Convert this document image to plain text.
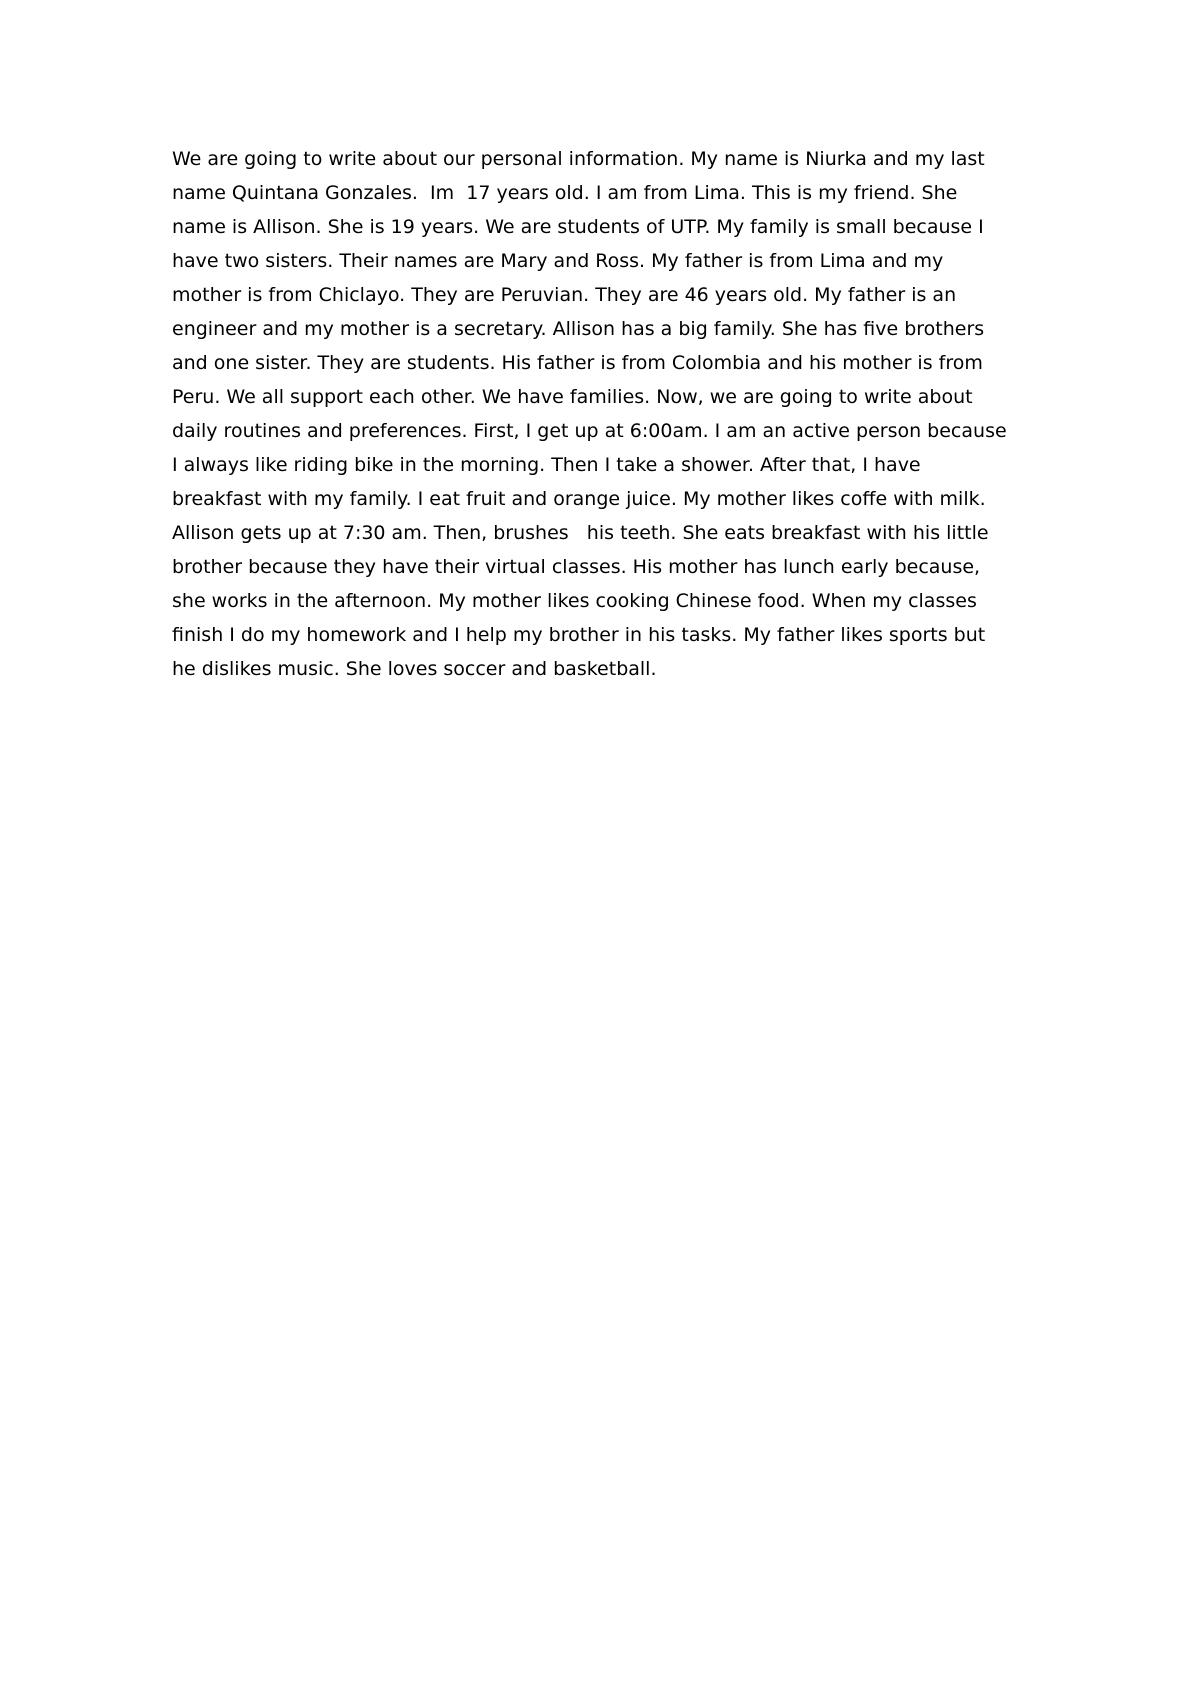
We are going to write about our personal information. My name is Niurka and my last
name Quintana Gonzales.  Im  17 years old. I am from Lima. This is my friend. She
name is Allison. She is 19 years. We are students of UTP. My family is small because I
have two sisters. Their names are Mary and Ross. My father is from Lima and my
mother is from Chiclayo. They are Peruvian. They are 46 years old. My father is an
engineer and my mother is a secretary. Allison has a big family. She has five brothers
and one sister. They are students. His father is from Colombia and his mother is from
Peru. We all support each other. We have families. Now, we are going to write about
daily routines and preferences. First, I get up at 6:00am. I am an active person because
I always like riding bike in the morning. Then I take a shower. After that, I have
breakfast with my family. I eat fruit and orange juice. My mother likes coffe with milk.
Allison gets up at 7:30 am. Then, brushes   his teeth. She eats breakfast with his little
brother because they have their virtual classes. His mother has lunch early because,
she works in the afternoon. My mother likes cooking Chinese food. When my classes
finish I do my homework and I help my brother in his tasks. My father likes sports but
he dislikes music. She loves soccer and basketball.
